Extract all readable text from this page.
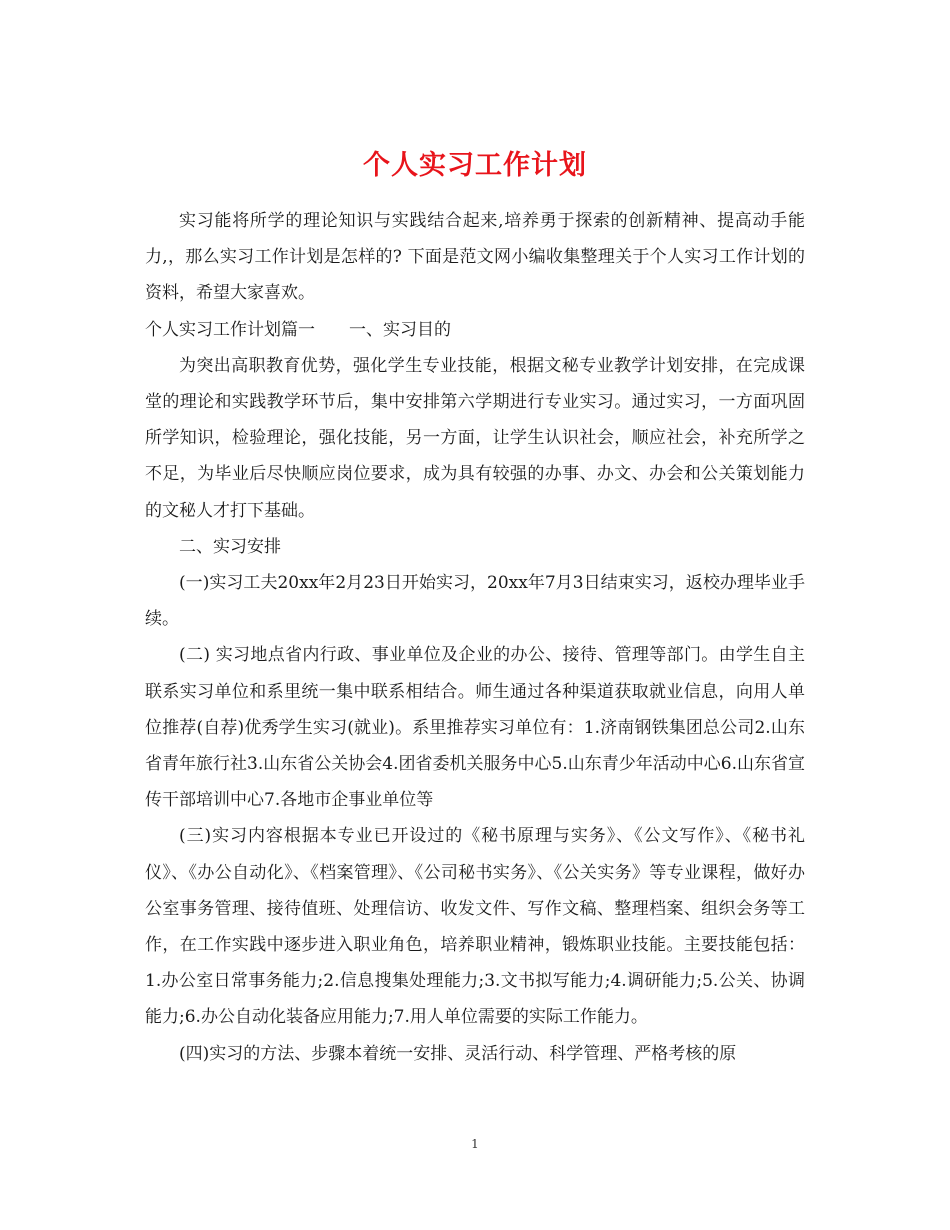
个人实习工作计划

实习能将所学的理论知识与实践结合起来,培养勇于探索的创新精神、提高动手能力,，那么实习工作计划是怎样的? 下面是范文网小编收集整理关于个人实习工作计划的资料，希望大家喜欢。

个人实习工作计划篇一　　一、实习目的

为突出高职教育优势，强化学生专业技能，根据文秘专业教学计划安排，在完成课堂的理论和实践教学环节后，集中安排第六学期进行专业实习。通过实习，一方面巩固所学知识，检验理论，强化技能，另一方面，让学生认识社会，顺应社会，补充所学之不足，为毕业后尽快顺应岗位要求，成为具有较强的办事、办文、办会和公关策划能力的文秘人才打下基础。

二、实习安排

(一)实习工夫20xx年2月23日开始实习，20xx年7月3日结束实习，返校办理毕业手续。

(二) 实习地点省内行政、事业单位及企业的办公、接待、管理等部门。由学生自主联系实习单位和系里统一集中联系相结合。师生通过各种渠道获取就业信息，向用人单位推荐(自荐)优秀学生实习(就业)。系里推荐实习单位有：1.济南钢铁集团总公司2.山东省青年旅行社3.山东省公关协会4.团省委机关服务中心5.山东青少年活动中心6.山东省宣传干部培训中心7.各地市企事业单位等

(三)实习内容根据本专业已开设过的《秘书原理与实务》、《公文写作》、《秘书礼仪》、《办公自动化》、《档案管理》、《公司秘书实务》、《公关实务》等专业课程，做好办公室事务管理、接待值班、处理信访、收发文件、写作文稿、整理档案、组织会务等工作，在工作实践中逐步进入职业角色，培养职业精神，锻炼职业技能。主要技能包括：1.办公室日常事务能力;2.信息搜集处理能力;3.文书拟写能力;4.调研能力;5.公关、协调能力;6.办公自动化装备应用能力;7.用人单位需要的实际工作能力。

(四)实习的方法、步骤本着统一安排、灵活行动、科学管理、严格考核的原

1
